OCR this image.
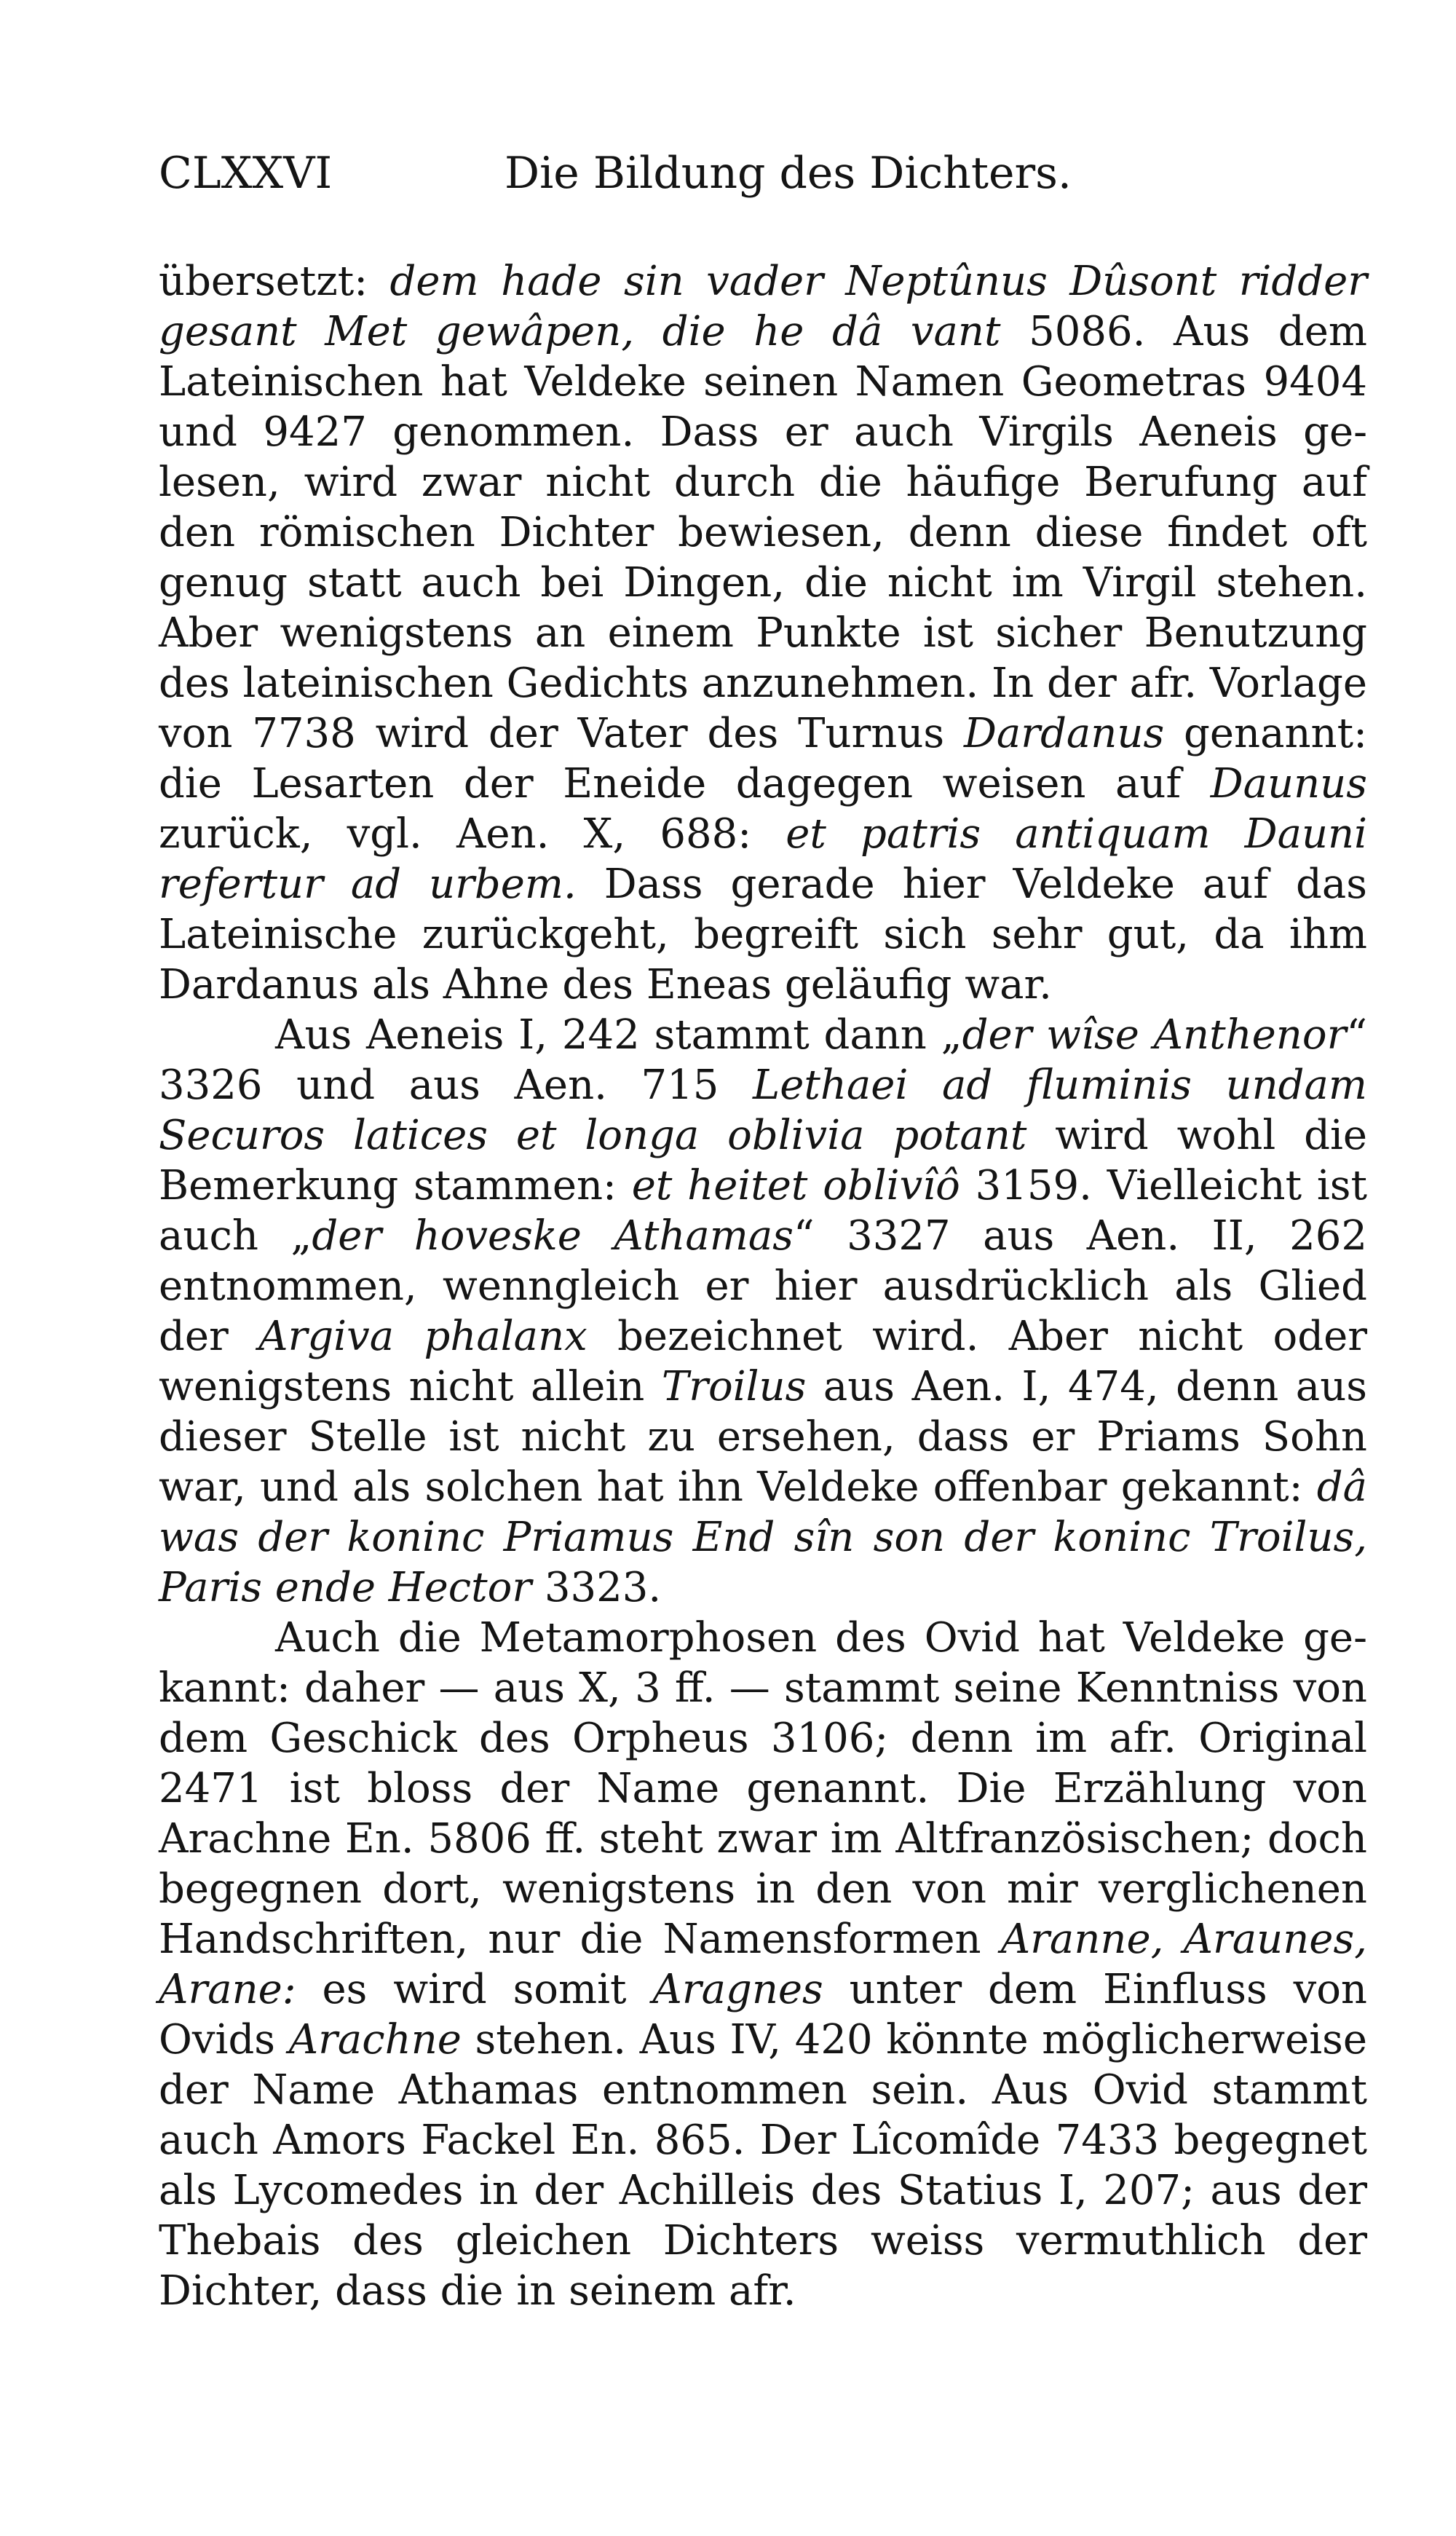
CLXXVI	Die Bildung des Dichters.

übersetzt: dem hade sin vader Neptûnus Dûsont ridder gesant Met gewâpen, die he dâ vant 5086. Aus dem Lateinischen hat Veldeke seinen Namen Geometras 9404 und 9427 genommen. Dass er auch Virgils Aeneis gelesen, wird zwar nicht durch die häufige Berufung auf den römischen Dichter bewiesen, denn diese findet oft genug statt auch bei Dingen, die nicht im Virgil stehen. Aber wenigstens an einem Punkte ist sicher Benutzung des lateinischen Gedichts anzunehmen. In der afr. Vorlage von 7738 wird der Vater des Turnus Dardanus genannt: die Lesarten der Eneide dagegen weisen auf Daunus zurück, vgl. Aen. X, 688: et patris antiquam Dauni refertur ad urbem. Dass gerade hier Veldeke auf das Lateinische zurückgeht, begreift sich sehr gut, da ihm Dardanus als Ahne des Eneas geläufig war.

Aus Aeneis I, 242 stammt dann „der wîse Anthenor“ 3326 und aus Aen. 715 Lethaei ad fluminis undam Securos latices et longa oblivia potant wird wohl die Bemerkung stammen: et heitet oblivîô 3159. Vielleicht ist auch „der hoveske Athamas“ 3327 aus Aen. II, 262 entnommen, wenngleich er hier ausdrücklich als Glied der Argiva phalanx bezeichnet wird. Aber nicht oder wenigstens nicht allein Troilus aus Aen. I, 474, denn aus dieser Stelle ist nicht zu ersehen, dass er Priams Sohn war, und als solchen hat ihn Veldeke offenbar gekannt: dâ was der koninc Priamus End sîn son der koninc Troilus, Paris ende Hector 3323.

Auch die Metamorphosen des Ovid hat Veldeke gekannt: daher — aus X, 3 ff. — stammt seine Kenntniss von dem Geschick des Orpheus 3106; denn im afr. Original 2471 ist bloss der Name genannt. Die Erzählung von Arachne En. 5806 ff. steht zwar im Altfranzösischen; doch begegnen dort, wenigstens in den von mir verglichenen Handschriften, nur die Namensformen Aranne, Araunes, Arane: es wird somit Aragnes unter dem Einfluss von Ovids Arachne stehen. Aus IV, 420 könnte möglicherweise der Name Athamas entnommen sein. Aus Ovid stammt auch Amors Fackel En. 865. Der Lîcomîde 7433 begegnet als Lycomedes in der Achilleis des Statius I, 207; aus der Thebais des gleichen Dichters weiss vermuthlich der Dichter, dass die in seinem afr.
